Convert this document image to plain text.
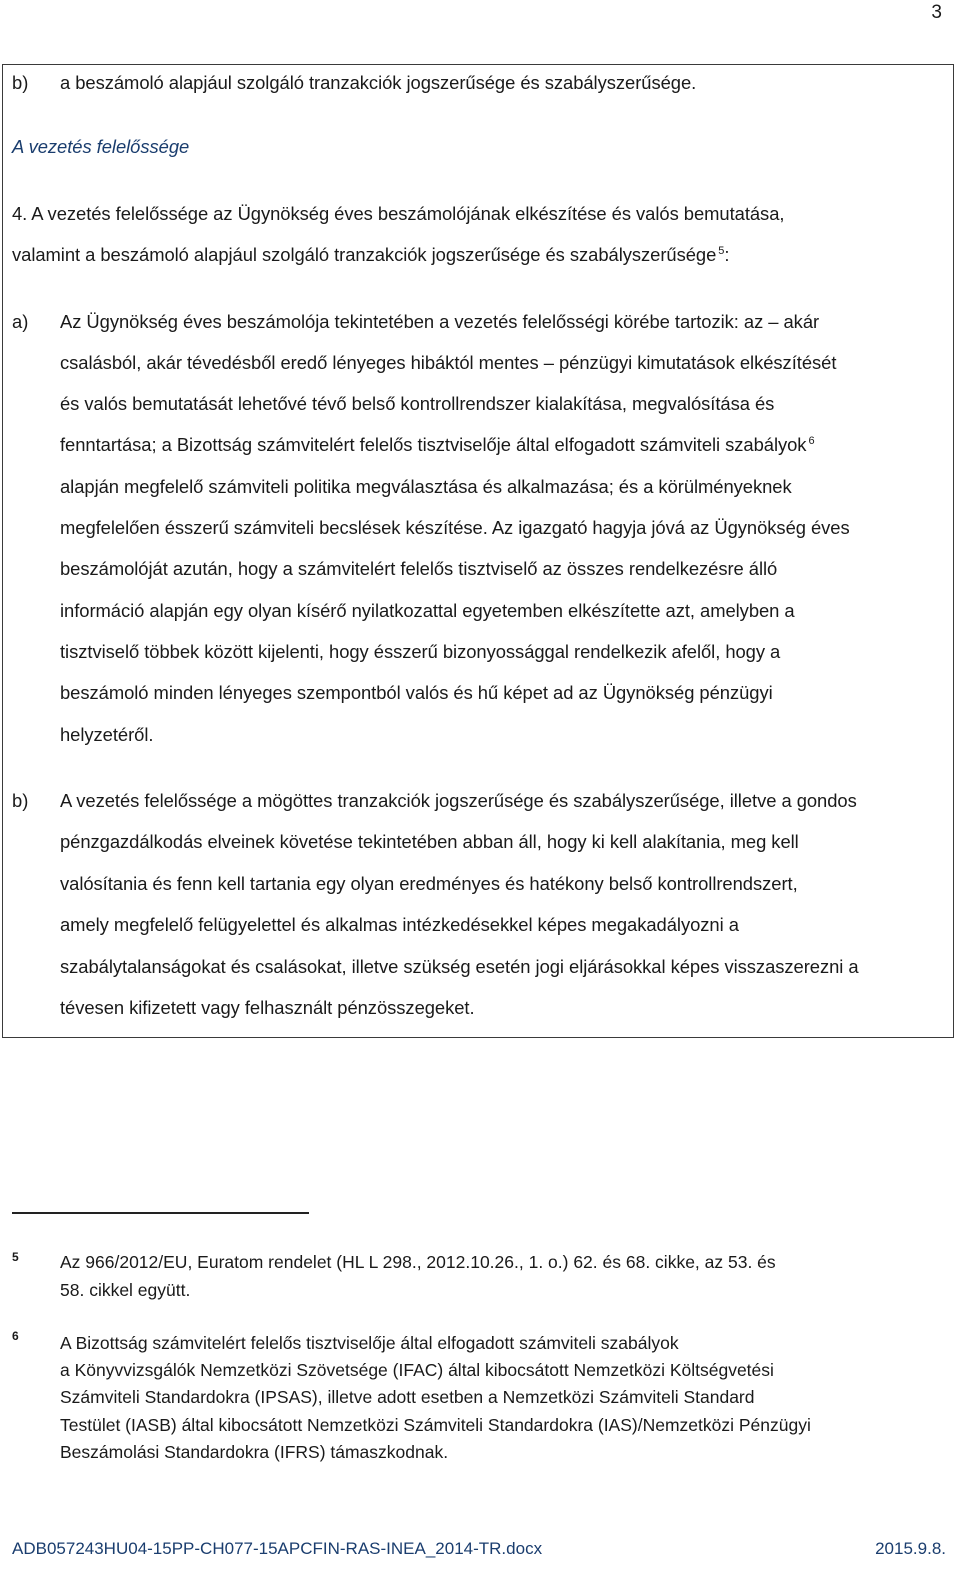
3
b) a beszámoló alapjául szolgáló tranzakciók jogszerűsége és szabályszerűsége.
A vezetés felelőssége
4. A vezetés felelőssége az Ügynökség éves beszámolójának elkészítése és valós bemutatása,
valamint a beszámoló alapjául szolgáló tranzakciók jogszerűsége és szabályszerűsége $^5$:
a) Az Ügynökség éves beszámolója tekintetében a vezetés felelősségi körébe tartozik: az – akár
csalásból, akár tévedésből eredő lényeges hibáktól mentes – pénzügyi kimutatások elkészítését
és valós bemutatását lehetővé tévő belső kontrollrendszer kialakítása, megvalósítása és
fenntartása; a Bizottság számvitelért felelős tisztviselője által elfogadott számviteli szabályok $^6$
alapján megfelelő számviteli politika megválasztása és alkalmazása; és a körülményeknek
megfelelően ésszerű számviteli becslések készítése. Az igazgató hagyja jóvá az Ügynökség éves
beszámolóját azután, hogy a számvitelért felelős tisztviselő az összes rendelkezésre álló
információ alapján egy olyan kísérő nyilatkozattal egyetemben elkészítette azt, amelyben a
tisztviselő többek között kijelenti, hogy ésszerű bizonyossággal rendelkezik afelől, hogy a
beszámoló minden lényeges szempontból valós és hű képet ad az Ügynökség pénzügyi
helyzetéről.
b) A vezetés felelőssége a mögöttes tranzakciók jogszerűsége és szabályszerűsége, illetve a gondos
pénzgazdálkodás elveinek követése tekintetében abban áll, hogy ki kell alakítania, meg kell
valósítania és fenn kell tartania egy olyan eredményes és hatékony belső kontrollrendszert,
amely megfelelő felügyelettel és alkalmas intézkedésekkel képes megakadályozni a
szabálytalanságokat és csalásokat, illetve szükség esetén jogi eljárásokkal képes visszaszerezni a
tévesen kifizetett vagy felhasznált pénzösszegeket.
5 Az 966/2012/EU, Euratom rendelet (HL L 298., 2012.10.26., 1. o.) 62. és 68. cikke, az 53. és
58. cikkel együtt.
6 A Bizottság számvitelért felelős tisztviselője által elfogadott számviteli szabályok
a Könyvvizsgálók Nemzetközi Szövetsége (IFAC) által kibocsátott Nemzetközi Költségvetési
Számviteli Standardokra (IPSAS), illetve adott esetben a Nemzetközi Számviteli Standard
Testület (IASB) által kibocsátott Nemzetközi Számviteli Standardokra (IAS)/Nemzetközi Pénzügyi
Beszámolási Standardokra (IFRS) támaszkodnak.
ADB057243HU04-15PP-CH077-15APCFIN-RAS-INEA_2014-TR.docx	2015.9.8.
